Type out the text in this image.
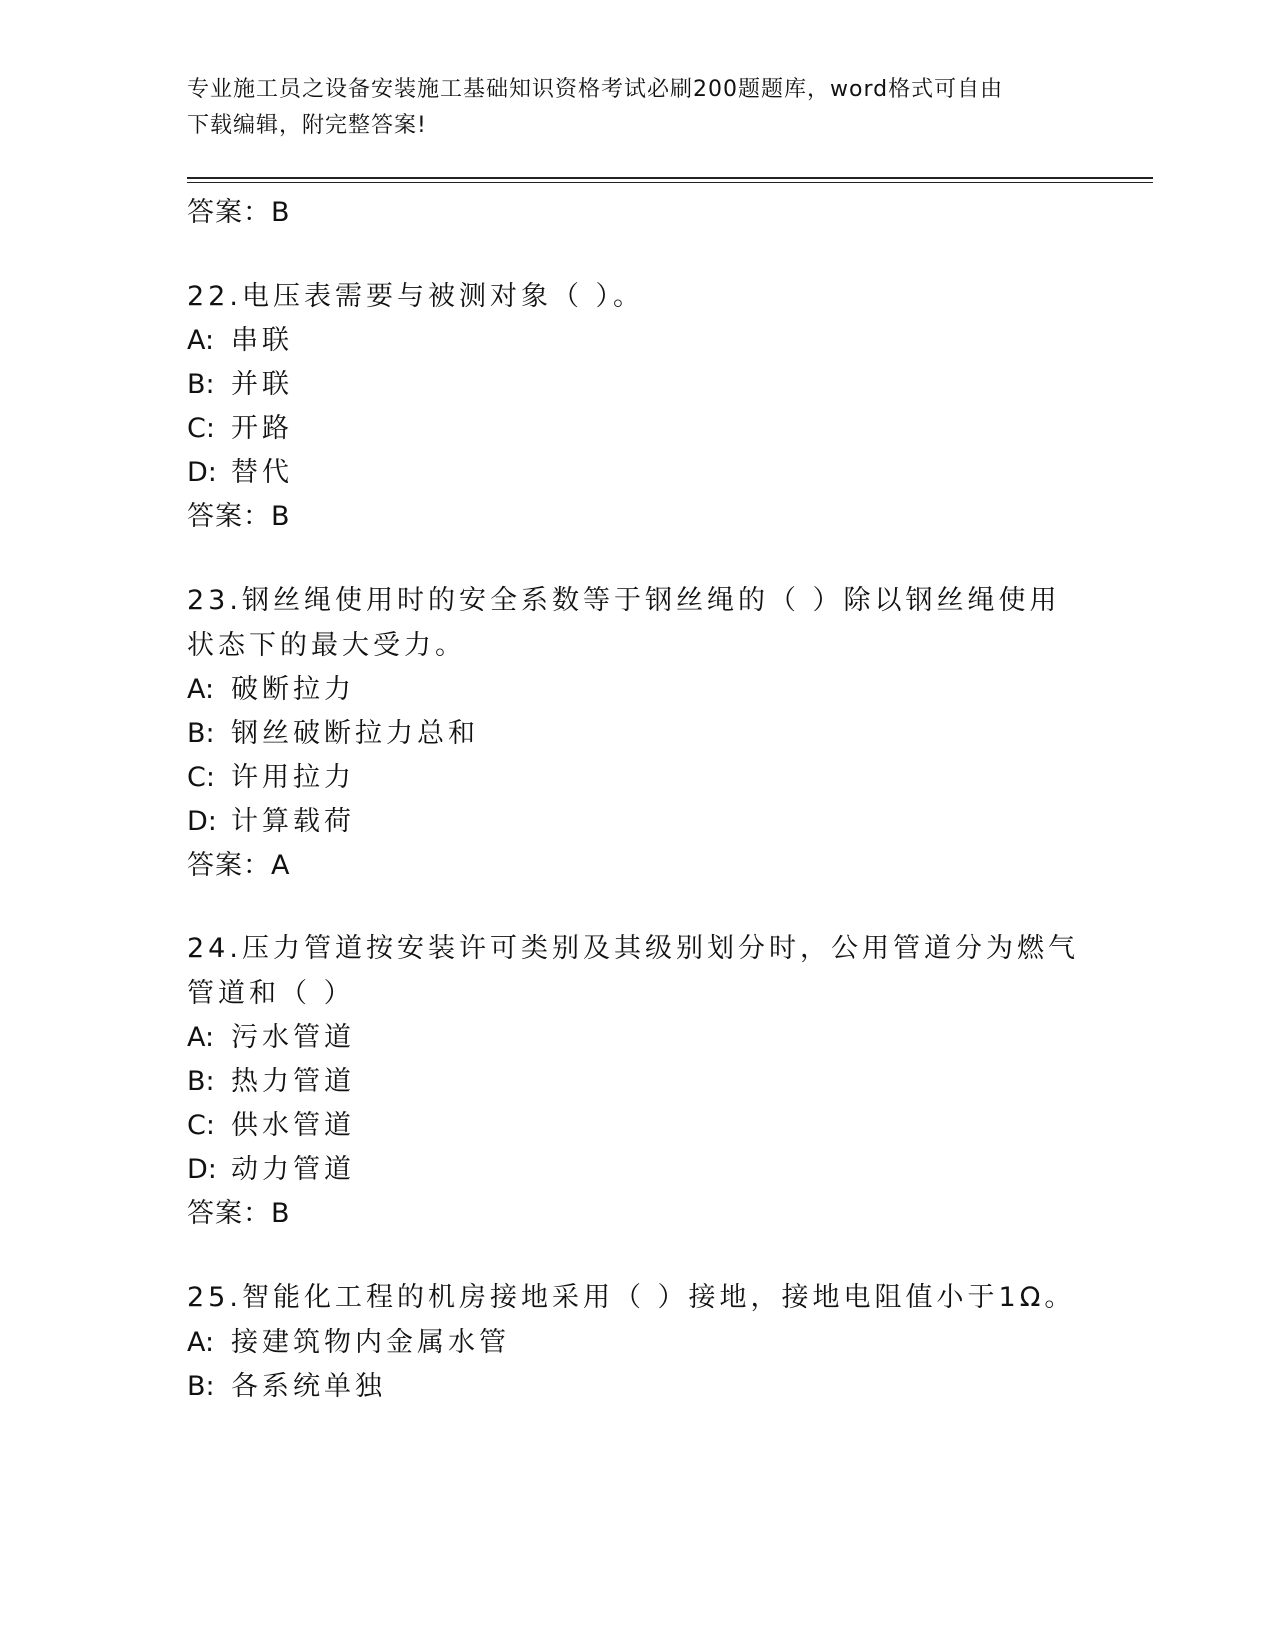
专业施工员之设备安装施工基础知识资格考试必刷200题题库，word格式可自由
下载编辑，附完整答案!
答案：B
22.电压表需要与被测对象（ ）。
A: 串联
B: 并联
C: 开路
D: 替代
答案：B
23.钢丝绳使用时的安全系数等于钢丝绳的（ ）除以钢丝绳使用状态下的最大受力。
A: 破断拉力
B: 钢丝破断拉力总和
C: 许用拉力
D: 计算载荷
答案：A
24.压力管道按安装许可类别及其级别划分时，公用管道分为燃气管道和（ ）
A: 污水管道
B: 热力管道
C: 供水管道
D: 动力管道
答案：B
25.智能化工程的机房接地采用（ ）接地，接地电阻值小于1Ω。
A: 接建筑物内金属水管
B: 各系统单独
